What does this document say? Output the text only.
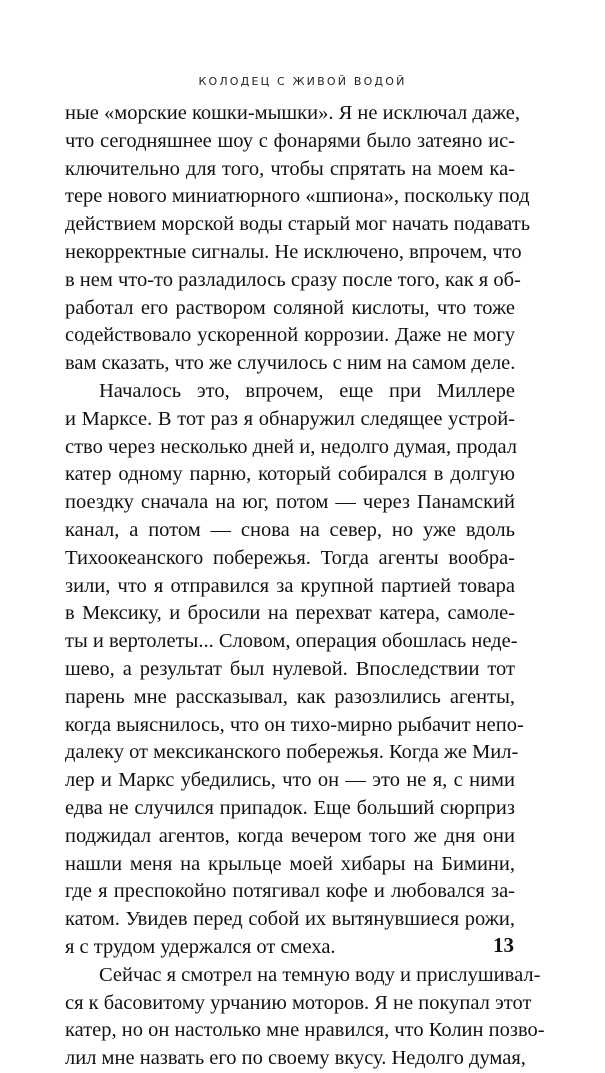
КОЛОДЕЦ С ЖИВОЙ ВОДОЙ
ные «морские кошки-мышки». Я не исключал даже,
что сегодняшнее шоу с фонарями было затеяно ис-
ключительно для того, чтобы спрятать на моем ка-
тере нового миниатюрного «шпиона», поскольку под
действием морской воды старый мог начать подавать
некорректные сигналы. Не исключено, впрочем, что
в нем что-то разладилось сразу после того, как я об-
работал его раствором соляной кислоты, что тоже
содействовало ускоренной коррозии. Даже не могу
вам сказать, что же случилось с ним на самом деле.
Началось это, впрочем, еще при Миллере
и Марксе. В тот раз я обнаружил следящее устрой-
ство через несколько дней и, недолго думая, продал
катер одному парню, который собирался в долгую
поездку сначала на юг, потом — через Панамский
канал, а потом — снова на север, но уже вдоль
Тихоокеанского побережья. Тогда агенты вообра-
зили, что я отправился за крупной партией товара
в Мексику, и бросили на перехват катера, самоле-
ты и вертолеты... Словом, операция обошлась неде-
шево, а результат был нулевой. Впоследствии тот
парень мне рассказывал, как разозлились агенты,
когда выяснилось, что он тихо-мирно рыбачит непо-
далеку от мексиканского побережья. Когда же Мил-
лер и Маркс убедились, что он — это не я, с ними
едва не случился припадок. Еще больший сюрприз
поджидал агентов, когда вечером того же дня они
нашли меня на крыльце моей хибары на Бимини,
где я преспокойно потягивал кофе и любовался за-
катом. Увидев перед собой их вытянувшиеся рожи,
я с трудом удержался от смеха.
Сейчас я смотрел на темную воду и прислушивал-
ся к басовитому урчанию моторов. Я не покупал этот
катер, но он настолько мне нравился, что Колин позво-
лил мне назвать его по своему вкусу. Недолго думая,
13
